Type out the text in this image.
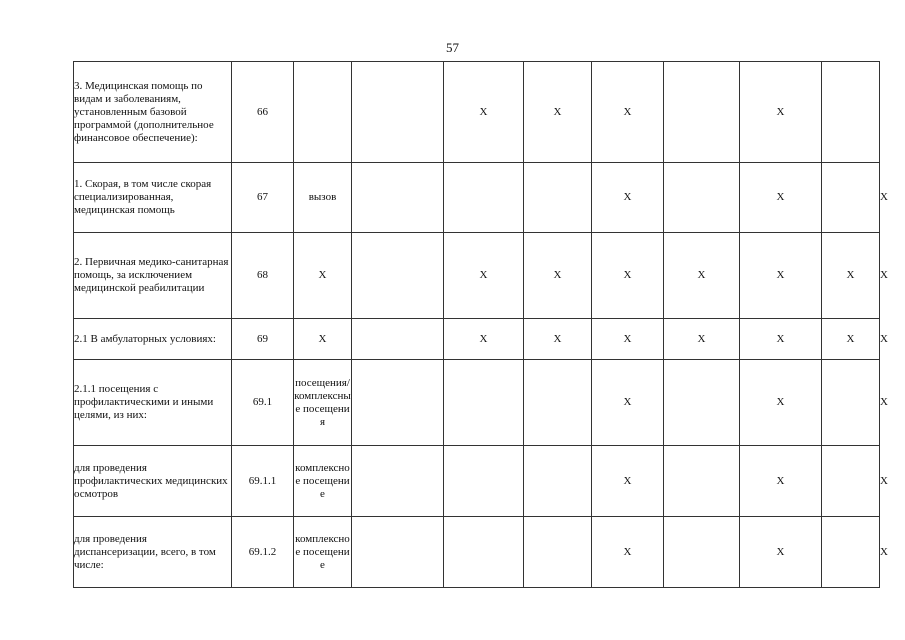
57
3. Медицинская помощь по видам и заболеваниям, установленным базовой программой (дополнительное финансовое обеспечение):	66			X	X	X		X		
1. Скорая, в том числе скорая специализированная, медицинская помощь	67	вызов				X		X		X
2. Первичная медико-санитарная помощь, за исключением медицинской реабилитации	68	X		X	X	X	X	X	X	X
2.1 В амбулаторных условиях:	69	X		X	X	X	X	X	X	X
2.1.1 посещения с профилактическими и иными целями, из них:	69.1	посещения/комплексные посещения				X		X		X
для проведения профилактических медицинских осмотров	69.1.1	комплексное посещение				X		X		X
для проведения диспансеризации, всего, в том числе:	69.1.2	комплексное посещение				X		X		X
